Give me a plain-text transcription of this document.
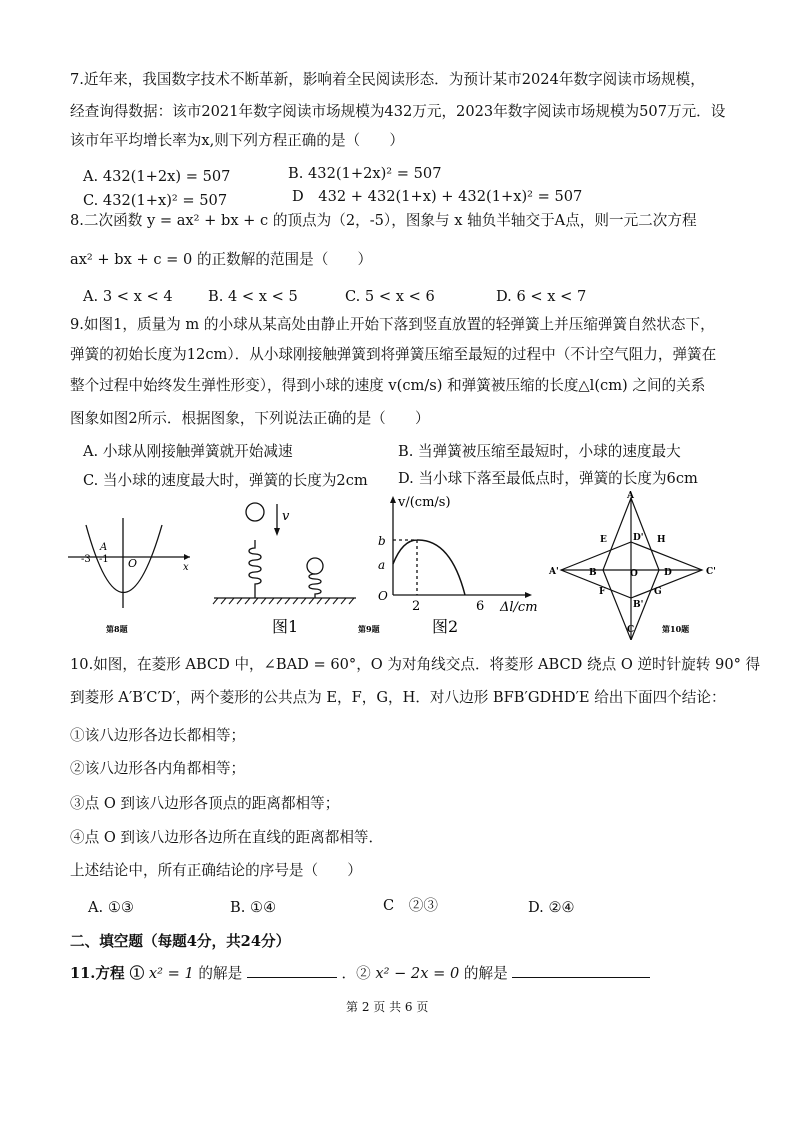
7.近年来，我国数字技术不断革新，影响着全民阅读形态．为预计某市2024年数字阅读市场规模，
经查询得数据：该市2021年数字阅读市场规模为432万元，2023年数字阅读市场规模为507万元．设
该市年平均增长率为x,则下列方程正确的是（　　）
A. 432(1+2x) = 507	B. 432(1+2x)² = 507
C. 432(1+x)² = 507	D　432 + 432(1+x) + 432(1+x)² = 507
8.二次函数 y = ax² + bx + c 的顶点为（2，-5），图象与 x 轴负半轴交于A点，则一元二次方程
ax² + bx + c = 0 的正数解的范围是（　　）
A. 3 < x < 4 B. 4 < x < 5	C. 5 < x < 6	D. 6 < x < 7
9.如图1，质量为 m 的小球从某高处由静止开始下落到竖直放置的轻弹簧上并压缩弹簧自然状态下，
弹簧的初始长度为12cm）．从小球刚接触弹簧到将弹簧压缩至最短的过程中（不计空气阻力，弹簧在
整个过程中始终发生弹性形变），得到小球的速度 v(cm/s) 和弹簧被压缩的长度△l(cm) 之间的关系
图象如图2所示．根据图象，下列说法正确的是（　　）
A. 小球从刚接触弹簧就开始减速	B. 当弹簧被压缩至最短时，小球的速度最大
C. 当小球的速度最大时，弹簧的长度为2cm D. 当小球下落至最低点时，弹簧的长度为6cm
A
-3 -1 O	x
第8题
v
图1
v/(cm/s)
b
a
O
2	6 Δl/cm
第9题	图2
A
C
B	D
O
E	H
F	G
A'	C'
D'
B'
第10题
10.如图，在菱形 ABCD 中，∠BAD = 60°，O 为对角线交点．将菱形 ABCD 绕点 O 逆时针旋转 90° 得
到菱形 A′B′C′D′，两个菱形的公共点为 E，F，G，H．对八边形 BFB′GDHD′E 给出下面四个结论：
①该八边形各边长都相等；
②该八边形各内角都相等；
③点 O 到该八边形各顶点的距离都相等；
④点 O 到该八边形各边所在直线的距离都相等．
上述结论中，所有正确结论的序号是（　　）
A. ①③	B. ①④	C　②③	D. ②④
二、填空题（每题4分，共24分）
11.方程 ① x² = 1 的解是	．② x² − 2x = 0 的解是
第 2 页 共 6 页
